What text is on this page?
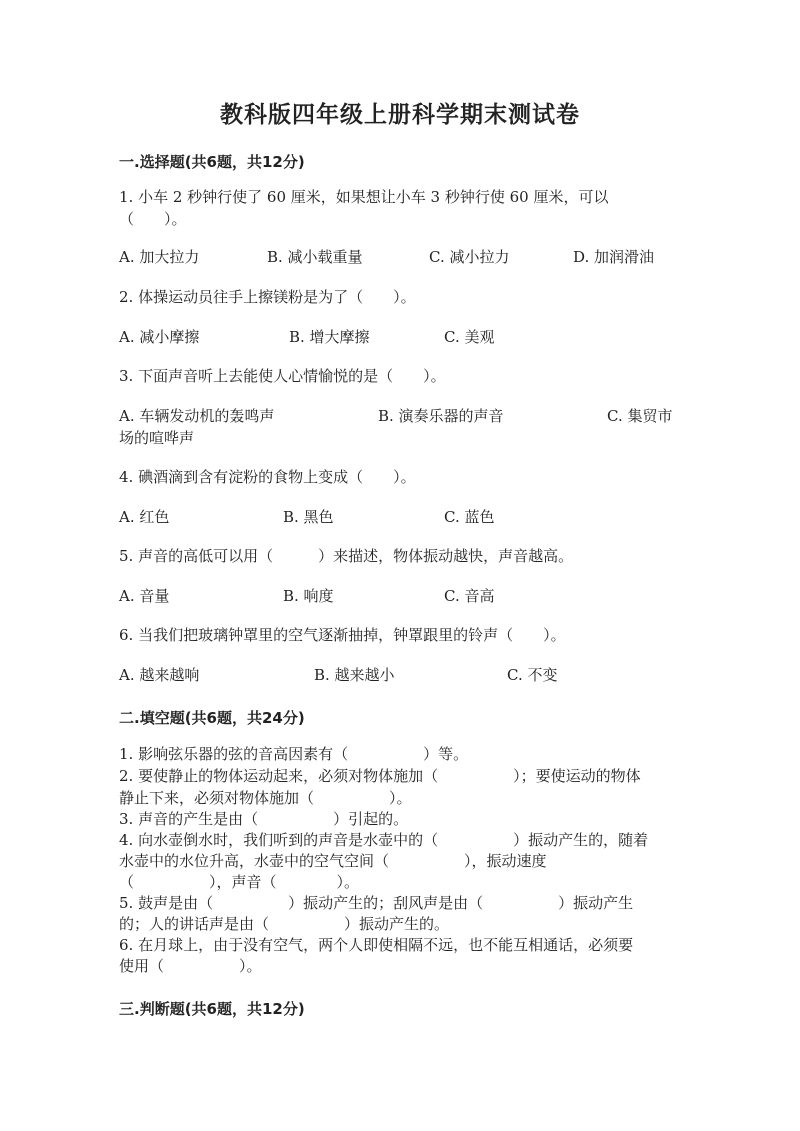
教科版四年级上册科学期末测试卷
一.选择题(共6题，共12分)
1. 小车 2 秒钟行使了 60 厘米，如果想让小车 3 秒钟行使 60 厘米，可以
（　　）。
A. 加大拉力	B. 减小载重量	C. 减小拉力	D. 加润滑油
2. 体操运动员往手上擦镁粉是为了（　　）。
A. 减小摩擦	B. 增大摩擦	C. 美观
3. 下面声音听上去能使人心情愉悦的是（　　）。
A. 车辆发动机的轰鸣声	B. 演奏乐器的声音	C. 集贸市
场的喧哗声
4. 碘酒滴到含有淀粉的食物上变成（　　）。
A. 红色	B. 黑色	C. 蓝色
5. 声音的高低可以用（　　　）来描述，物体振动越快，声音越高。
A. 音量	B. 响度	C. 音高
6. 当我们把玻璃钟罩里的空气逐渐抽掉，钟罩跟里的铃声（　　）。
A. 越来越响	B. 越来越小	C. 不变
二.填空题(共6题，共24分)
1. 影响弦乐器的弦的音高因素有（　　　　　）等。
2. 要使静止的物体运动起来，必须对物体施加（　　　　　）；要使运动的物体
静止下来，必须对物体施加（　　　　　）。
3. 声音的产生是由（　　　　　）引起的。
4. 向水壶倒水时，我们听到的声音是水壶中的（　　　　　）振动产生的，随着
水壶中的水位升高，水壶中的空气空间（　　　　　），振动速度
（　　　　　），声音（　　　　）。
5. 鼓声是由（　　　　　）振动产生的；刮风声是由（　　　　　）振动产生
的；人的讲话声是由（　　　　　）振动产生的。
6. 在月球上，由于没有空气，两个人即使相隔不远，也不能互相通话，必须要
使用（　　　　　）。
三.判断题(共6题，共12分)
